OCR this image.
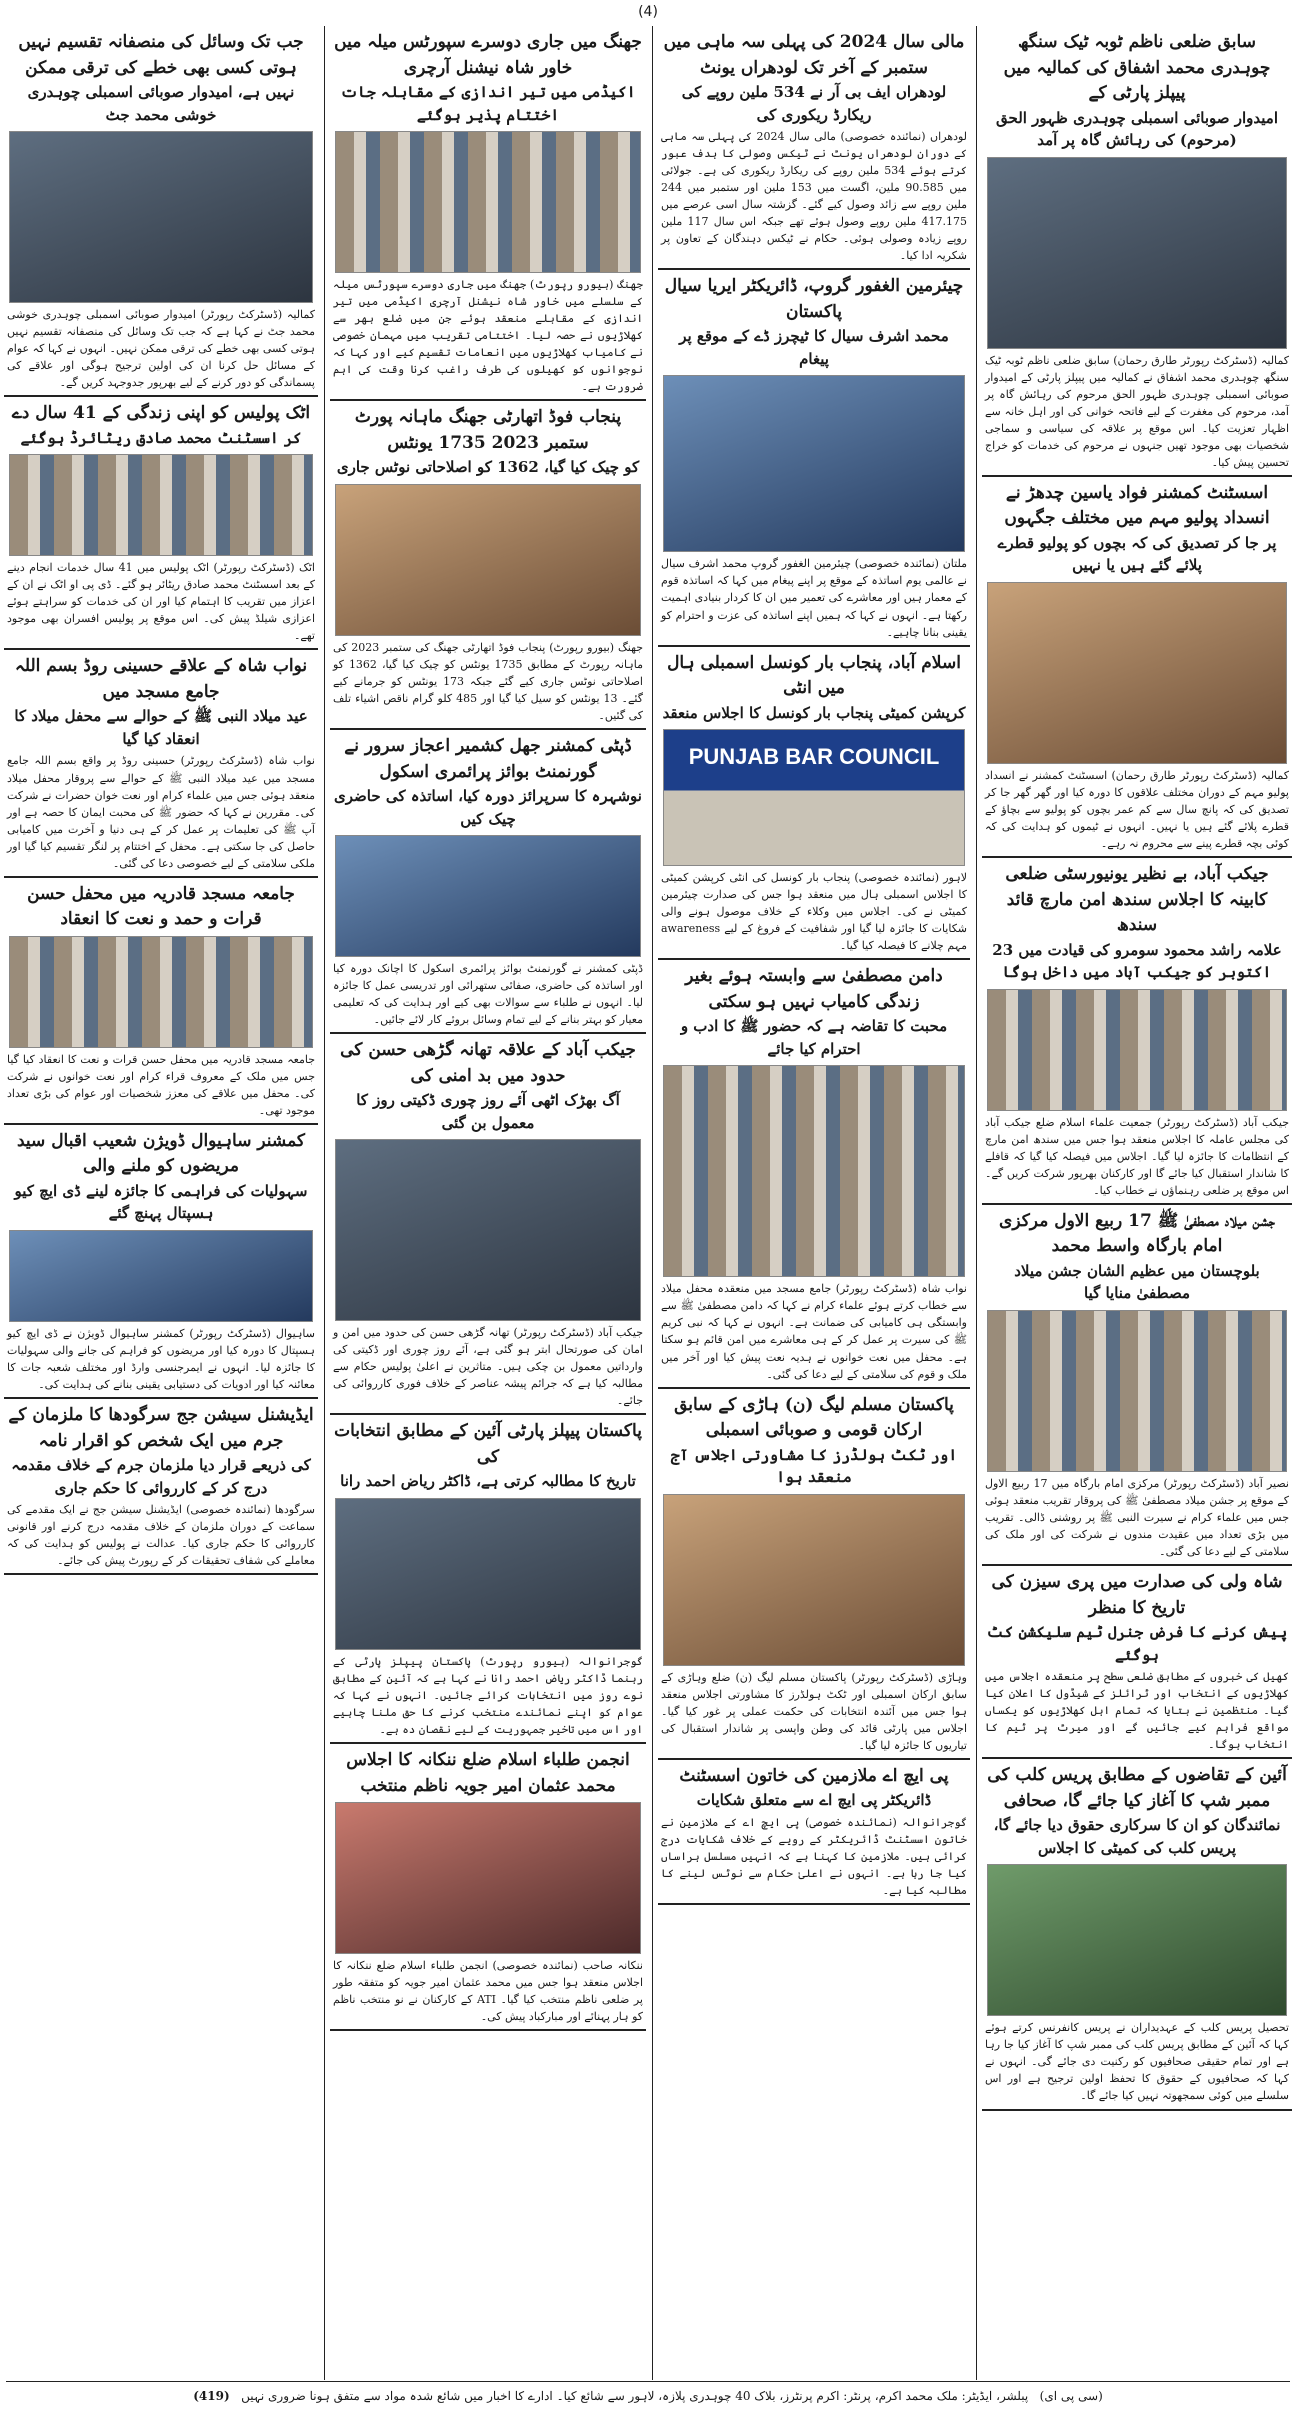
(4)
سابق ضلعی ناظم ٹوبہ ٹیک سنگھ چوہدری محمد اشفاق کی کمالیہ میں پیپلز پارٹی کے
امیدوار صوبائی اسمبلی چوہدری ظہور الحق (مرحوم) کی رہائش گاہ پر آمد
کمالیہ (ڈسٹرکٹ رپورٹر طارق رحمان) سابق ضلعی ناظم ٹوبہ ٹیک سنگھ چوہدری محمد اشفاق نے کمالیہ میں پیپلز پارٹی کے امیدوار صوبائی اسمبلی چوہدری ظہور الحق مرحوم کی رہائش گاہ پر آمد، مرحوم کی مغفرت کے لیے فاتحہ خوانی کی اور اہل خانہ سے اظہار تعزیت کیا۔ اس موقع پر علاقہ کی سیاسی و سماجی شخصیات بھی موجود تھیں جنہوں نے مرحوم کی خدمات کو خراج تحسین پیش کیا۔
اسسٹنٹ کمشنر فواد یاسین چدھڑ نے انسداد پولیو مہم میں مختلف جگہوں
پر جا کر تصدیق کی کہ بچوں کو پولیو قطرے پلائے گئے ہیں یا نہیں
کمالیہ (ڈسٹرکٹ رپورٹر طارق رحمان) اسسٹنٹ کمشنر نے انسداد پولیو مہم کے دوران مختلف علاقوں کا دورہ کیا اور گھر گھر جا کر تصدیق کی کہ پانچ سال سے کم عمر بچوں کو پولیو سے بچاؤ کے قطرے پلائے گئے ہیں یا نہیں۔ انہوں نے ٹیموں کو ہدایت کی کہ کوئی بچہ قطرے پینے سے محروم نہ رہے۔
جیکب آباد، بے نظیر یونیورسٹی ضلعی کابینہ کا اجلاس سندھ امن مارچ قائد سندھ
علامہ راشد محمود سومرو کی قیادت میں 23 اکتوبر کو جیکب آباد میں داخل ہوگا
جیکب آباد (ڈسٹرکٹ رپورٹر) جمعیت علماء اسلام ضلع جیکب آباد کی مجلس عاملہ کا اجلاس منعقد ہوا جس میں سندھ امن مارچ کے انتظامات کا جائزہ لیا گیا۔ اجلاس میں فیصلہ کیا گیا کہ قافلے کا شاندار استقبال کیا جائے گا اور کارکنان بھرپور شرکت کریں گے۔ اس موقع پر ضلعی رہنماؤں نے خطاب کیا۔
جشن میلاد مصطفیٰ ﷺ 17 ربیع الاول مرکزی امام بارگاہ واسط محمد
بلوچستان میں عظیم الشان جشن میلاد مصطفیٰ منایا گیا
نصیر آباد (ڈسٹرکٹ رپورٹر) مرکزی امام بارگاہ میں 17 ربیع الاول کے موقع پر جشن میلاد مصطفیٰ ﷺ کی پروقار تقریب منعقد ہوئی جس میں علماء کرام نے سیرت النبی ﷺ پر روشنی ڈالی۔ تقریب میں بڑی تعداد میں عقیدت مندوں نے شرکت کی اور ملک کی سلامتی کے لیے دعا کی گئی۔
شاہ ولی کی صدارت میں پری سیزن کی تاریخ کا منظر
پیش کرنے کا فرض جنرل ٹیم سلیکشن کٹ ہوگئے
کھیل کی خبروں کے مطابق ضلعی سطح پر منعقدہ اجلاس میں کھلاڑیوں کے انتخاب اور ٹرائلز کے شیڈول کا اعلان کیا گیا۔ منتظمین نے بتایا کہ تمام اہل کھلاڑیوں کو یکساں مواقع فراہم کیے جائیں گے اور میرٹ پر ٹیم کا انتخاب ہوگا۔
آئین کے تقاضوں کے مطابق پریس کلب کی ممبر شپ کا آغاز کیا جائے گا، صحافی
نمائندگان کو ان کا سرکاری حقوق دیا جائے گا، پریس کلب کی کمیٹی کا اجلاس
تحصیل پریس کلب کے عہدیداران نے پریس کانفرنس کرتے ہوئے کہا کہ آئین کے مطابق پریس کلب کی ممبر شپ کا آغاز کیا جا رہا ہے اور تمام حقیقی صحافیوں کو رکنیت دی جائے گی۔ انہوں نے کہا کہ صحافیوں کے حقوق کا تحفظ اولین ترجیح ہے اور اس سلسلے میں کوئی سمجھوتہ نہیں کیا جائے گا۔
مالی سال 2024 کی پہلی سہ ماہی میں ستمبر کے آخر تک لودھراں یونٹ
لودھراں ایف بی آر نے 534 ملین روپے کی ریکارڈ ریکوری کی
لودھراں (نمائندہ خصوصی) مالی سال 2024 کی پہلی سہ ماہی کے دوران لودھراں یونٹ نے ٹیکس وصولی کا ہدف عبور کرتے ہوئے 534 ملین روپے کی ریکارڈ ریکوری کی ہے۔ جولائی میں 90.585 ملین، اگست میں 153 ملین اور ستمبر میں 244 ملین روپے سے زائد وصول کیے گئے۔ گزشتہ سال اسی عرصے میں 417.175 ملین روپے وصول ہوئے تھے جبکہ اس سال 117 ملین روپے زیادہ وصولی ہوئی۔ حکام نے ٹیکس دہندگان کے تعاون پر شکریہ ادا کیا۔
چیئرمین الغفور گروپ، ڈائریکٹر ایریا سیال پاکستان
محمد اشرف سیال کا ٹیچرز ڈے کے موقع پر پیغام
ملتان (نمائندہ خصوصی) چیئرمین الغفور گروپ محمد اشرف سیال نے عالمی یوم اساتذہ کے موقع پر اپنے پیغام میں کہا کہ اساتذہ قوم کے معمار ہیں اور معاشرے کی تعمیر میں ان کا کردار بنیادی اہمیت رکھتا ہے۔ انہوں نے کہا کہ ہمیں اپنے اساتذہ کی عزت و احترام کو یقینی بنانا چاہیے۔
اسلام آباد، پنجاب بار کونسل اسمبلی ہال میں انٹی
کرپشن کمیٹی پنجاب بار کونسل کا اجلاس منعقد
PUNJAB BAR COUNCIL
لاہور (نمائندہ خصوصی) پنجاب بار کونسل کی انٹی کرپشن کمیٹی کا اجلاس اسمبلی ہال میں منعقد ہوا جس کی صدارت چیئرمین کمیٹی نے کی۔ اجلاس میں وکلاء کے خلاف موصول ہونے والی شکایات کا جائزہ لیا گیا اور شفافیت کے فروغ کے لیے awareness مہم چلانے کا فیصلہ کیا گیا۔
دامن مصطفیٰ سے وابستہ ہوئے بغیر زندگی کامیاب نہیں ہو سکتی
محبت کا تقاضہ ہے کہ حضور ﷺ کا ادب و احترام کیا جائے
نواب شاہ (ڈسٹرکٹ رپورٹر) جامع مسجد میں منعقدہ محفل میلاد سے خطاب کرتے ہوئے علماء کرام نے کہا کہ دامن مصطفیٰ ﷺ سے وابستگی ہی کامیابی کی ضمانت ہے۔ انہوں نے کہا کہ نبی کریم ﷺ کی سیرت پر عمل کر کے ہی معاشرے میں امن قائم ہو سکتا ہے۔ محفل میں نعت خوانوں نے ہدیہ نعت پیش کیا اور آخر میں ملک و قوم کی سلامتی کے لیے دعا کی گئی۔
پاکستان مسلم لیگ (ن) ہاڑی کے سابق ارکان قومی و صوبائی اسمبلی
اور ٹکٹ ہولڈرز کا مشاورتی اجلاس آج منعقد ہوا
وہاڑی (ڈسٹرکٹ رپورٹر) پاکستان مسلم لیگ (ن) ضلع وہاڑی کے سابق ارکان اسمبلی اور ٹکٹ ہولڈرز کا مشاورتی اجلاس منعقد ہوا جس میں آئندہ انتخابات کی حکمت عملی پر غور کیا گیا۔ اجلاس میں پارٹی قائد کی وطن واپسی پر شاندار استقبال کی تیاریوں کا جائزہ لیا گیا۔
پی ایچ اے ملازمین کی خاتون اسسٹنٹ
ڈائریکٹر پی ایچ اے سے متعلق شکایات
گوجرانوالہ (نمائندہ خصوصی) پی ایچ اے کے ملازمین نے خاتون اسسٹنٹ ڈائریکٹر کے رویے کے خلاف شکایات درج کرائی ہیں۔ ملازمین کا کہنا ہے کہ انہیں مسلسل ہراساں کیا جا رہا ہے۔ انہوں نے اعلیٰ حکام سے نوٹس لینے کا مطالبہ کیا ہے۔
جھنگ میں جاری دوسرے سپورٹس میلہ میں خاور شاہ نیشنل آرچری
اکیڈمی میں تیر اندازی کے مقابلہ جات اختتام پذیر ہوگئے
جھنگ (بیورو رپورٹ) جھنگ میں جاری دوسرے سپورٹس میلہ کے سلسلے میں خاور شاہ نیشنل آرچری اکیڈمی میں تیر اندازی کے مقابلے منعقد ہوئے جن میں ضلع بھر سے کھلاڑیوں نے حصہ لیا۔ اختتامی تقریب میں مہمان خصوصی نے کامیاب کھلاڑیوں میں انعامات تقسیم کیے اور کہا کہ نوجوانوں کو کھیلوں کی طرف راغب کرنا وقت کی اہم ضرورت ہے۔
پنجاب فوڈ اتھارٹی جھنگ ماہانہ پورٹ ستمبر 2023 1735 یونٹس
کو چیک کیا گیا، 1362 کو اصلاحاتی نوٹس جاری
جھنگ (بیورو رپورٹ) پنجاب فوڈ اتھارٹی جھنگ کی ستمبر 2023 کی ماہانہ رپورٹ کے مطابق 1735 یونٹس کو چیک کیا گیا، 1362 کو اصلاحاتی نوٹس جاری کیے گئے جبکہ 173 یونٹس کو جرمانے کیے گئے۔ 13 یونٹس کو سیل کیا گیا اور 485 کلو گرام ناقص اشیاء تلف کی گئیں۔
ڈپٹی کمشنر جھل کشمیر اعجاز سرور نے گورنمنٹ بوائز پرائمری اسکول
نوشہرہ کا سرپرائز دورہ کیا، اساتذہ کی حاضری چیک کیں
ڈپٹی کمشنر نے گورنمنٹ بوائز پرائمری اسکول کا اچانک دورہ کیا اور اساتذہ کی حاضری، صفائی ستھرائی اور تدریسی عمل کا جائزہ لیا۔ انہوں نے طلباء سے سوالات بھی کیے اور ہدایت کی کہ تعلیمی معیار کو بہتر بنانے کے لیے تمام وسائل بروئے کار لائے جائیں۔
جیکب آباد کے علاقہ تھانہ گڑھی حسن کی حدود میں بد امنی کی
آگ بھڑک اٹھی آئے روز چوری ڈکیتی روز کا معمول بن گئی
جیکب آباد (ڈسٹرکٹ رپورٹر) تھانہ گڑھی حسن کی حدود میں امن و امان کی صورتحال ابتر ہو گئی ہے، آئے روز چوری اور ڈکیتی کی وارداتیں معمول بن چکی ہیں۔ متاثرین نے اعلیٰ پولیس حکام سے مطالبہ کیا ہے کہ جرائم پیشہ عناصر کے خلاف فوری کارروائی کی جائے۔
پاکستان پیپلز پارٹی آئین کے مطابق انتخابات کی
تاریخ کا مطالبہ کرتی ہے، ڈاکٹر ریاض احمد رانا
گوجرانوالہ (بیورو رپورٹ) پاکستان پیپلز پارٹی کے رہنما ڈاکٹر ریاض احمد رانا نے کہا ہے کہ آئین کے مطابق نوے روز میں انتخابات کرائے جائیں۔ انہوں نے کہا کہ عوام کو اپنے نمائندے منتخب کرنے کا حق ملنا چاہیے اور اس میں تاخیر جمہوریت کے لیے نقصان دہ ہے۔
انجمن طلباء اسلام ضلع ننکانہ کا اجلاس محمد عثمان امیر جویہ ناظم منتخب
ننکانہ صاحب (نمائندہ خصوصی) انجمن طلباء اسلام ضلع ننکانہ کا اجلاس منعقد ہوا جس میں محمد عثمان امیر جویہ کو متفقہ طور پر ضلعی ناظم منتخب کیا گیا۔ ATI کے کارکنان نے نو منتخب ناظم کو ہار پہنائے اور مبارکباد پیش کی۔
جب تک وسائل کی منصفانہ تقسیم نہیں ہوتی کسی بھی خطے کی ترقی ممکن
نہیں ہے، امیدوار صوبائی اسمبلی چوہدری خوشی محمد جٹ
کمالیہ (ڈسٹرکٹ رپورٹر) امیدوار صوبائی اسمبلی چوہدری خوشی محمد جٹ نے کہا ہے کہ جب تک وسائل کی منصفانہ تقسیم نہیں ہوتی کسی بھی خطے کی ترقی ممکن نہیں۔ انہوں نے کہا کہ عوام کے مسائل حل کرنا ان کی اولین ترجیح ہوگی اور علاقے کی پسماندگی کو دور کرنے کے لیے بھرپور جدوجہد کریں گے۔
اٹک پولیس کو اپنی زندگی کے 41 سال دے
کر اسسٹنٹ محمد صادق ریٹائرڈ ہوگئے
اٹک (ڈسٹرکٹ رپورٹر) اٹک پولیس میں 41 سال خدمات انجام دینے کے بعد اسسٹنٹ محمد صادق ریٹائر ہو گئے۔ ڈی پی او اٹک نے ان کے اعزاز میں تقریب کا اہتمام کیا اور ان کی خدمات کو سراہتے ہوئے اعزازی شیلڈ پیش کی۔ اس موقع پر پولیس افسران بھی موجود تھے۔
نواب شاہ کے علاقے حسینی روڈ بسم اللہ جامع مسجد میں
عید میلاد النبی ﷺ کے حوالے سے محفل میلاد کا انعقاد کیا گیا
نواب شاہ (ڈسٹرکٹ رپورٹر) حسینی روڈ پر واقع بسم اللہ جامع مسجد میں عید میلاد النبی ﷺ کے حوالے سے پروقار محفل میلاد منعقد ہوئی جس میں علماء کرام اور نعت خوان حضرات نے شرکت کی۔ مقررین نے کہا کہ حضور ﷺ کی محبت ایمان کا حصہ ہے اور آپ ﷺ کی تعلیمات پر عمل کر کے ہی دنیا و آخرت میں کامیابی حاصل کی جا سکتی ہے۔ محفل کے اختتام پر لنگر تقسیم کیا گیا اور ملکی سلامتی کے لیے خصوصی دعا کی گئی۔
جامعہ مسجد قادریہ میں محفل حسن قرات و حمد و نعت کا انعقاد
جامعہ مسجد قادریہ میں محفل حسن قرات و نعت کا انعقاد کیا گیا جس میں ملک کے معروف قراء کرام اور نعت خوانوں نے شرکت کی۔ محفل میں علاقے کی معزز شخصیات اور عوام کی بڑی تعداد موجود تھی۔
کمشنر ساہیوال ڈویژن شعیب اقبال سید مریضوں کو ملنے والی
سہولیات کی فراہمی کا جائزہ لینے ڈی ایچ کیو ہسپتال پہنچ گئے
ساہیوال (ڈسٹرکٹ رپورٹر) کمشنر ساہیوال ڈویژن نے ڈی ایچ کیو ہسپتال کا دورہ کیا اور مریضوں کو فراہم کی جانے والی سہولیات کا جائزہ لیا۔ انہوں نے ایمرجنسی وارڈ اور مختلف شعبہ جات کا معائنہ کیا اور ادویات کی دستیابی یقینی بنانے کی ہدایت کی۔
ایڈیشنل سیشن جج سرگودھا کا ملزمان کے جرم میں ایک شخص کو اقرار نامہ
کی ذریعے قرار دیا ملزمان جرم کے خلاف مقدمہ درج کر کے کارروائی کا حکم جاری
سرگودھا (نمائندہ خصوصی) ایڈیشنل سیشن جج نے ایک مقدمے کی سماعت کے دوران ملزمان کے خلاف مقدمہ درج کرنے اور قانونی کارروائی کا حکم جاری کیا۔ عدالت نے پولیس کو ہدایت کی کہ معاملے کی شفاف تحقیقات کر کے رپورٹ پیش کی جائے۔
(سی پی ای)   پبلشر، ایڈیٹر: ملک محمد اکرم، پرنٹر: اکرم پرنٹرز، بلاک 40 چوہدری پلازہ، لاہور سے شائع کیا۔ ادارے کا اخبار میں شائع شدہ مواد سے متفق ہونا ضروری نہیں   (419)
